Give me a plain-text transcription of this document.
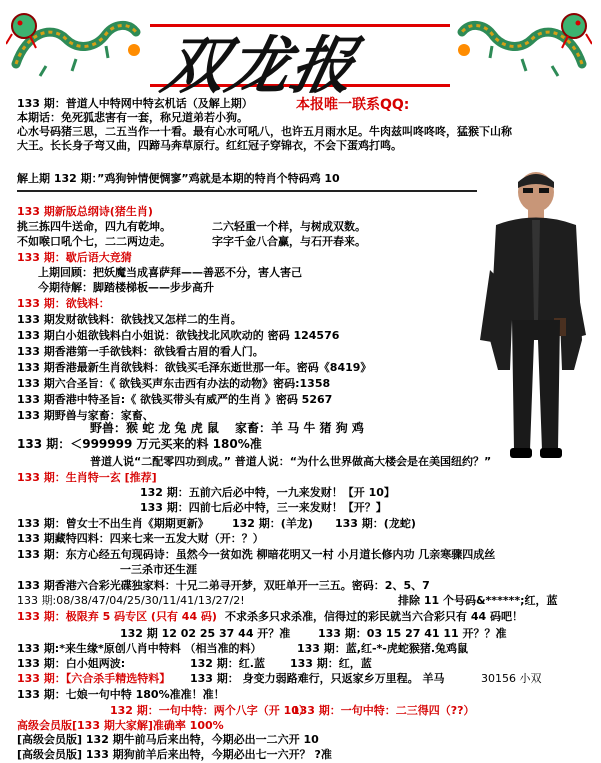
双龙报
本报唯一联系QQ:
133 期：普道人中特网中特玄机话（及解上期）
本期话：免死狐悲害有一套，称兄道弟若小狗。
心水号码猪三思，二五当作一十看。最有心水可吼八，也许五月雨水足。牛肉兹叫咚咚咚，猛猴下山称
大王。长长身子弯又曲，四蹄马奔草原行。红红冠子穿锦衣，不会下蛋鸡打鸣。
解上期 132 期：”鸡狗钟情便惆寥”鸡就是本期的特肖个特码鸡 10
133 期新版总纲诗(猪生肖)
挑三拣四牛送命，四九有乾坤。	二六轻重一个样，与树成双数。
不如喉口吼个七，二二两边走。	字字千金八合赢，与石开春来。
133 期：歇后语大竞猜
上期回顾：把妖魔当成喜萨拜——善恶不分，害人害己
今期待解：脚踏楼梯板——步步高升
133 期：欲钱料：
133 期发财欲钱料：欲钱找又怎样二的生肖。
133 期白小姐欲钱料白小姐说：欲钱找北风吹动的 密码 124576
133 期香港第一手欲钱料：欲钱看古眉的看人门。
133 期香港最新生肖欲钱料：欲钱买毛泽东逝世那一年。密码《8419》
133 期六合圣旨：《 欲钱买声东击西有办法的动物》密码:1358
133 期香港中特圣旨:《 欲钱买带头有威严的生肖 》密码 5267
133 期野兽与家畜：家畜、
野兽：猴 蛇 龙 兔 虎 鼠 家畜：羊 马 牛 猪 狗 鸡
133 期：＜999999 万元买来的料 180%准
普道人说“二配零四功到成。” 普道人说：“为什么世界做高大楼会是在美国纽约？”
133 期：生肖特一玄 [推荐]
132 期：五前六后必中特，一九来发财！【开 10】
133 期：四前七后必中特，三一来发财！【开？】
133 期：曾女士不出生肖《期期更新》 132 期：(羊龙) 133 期：(龙蛇)
133 期藏特四料：四来七来一五发大财（开：？）
133 期：东方心经五句现码诗：虽然今一贫如洗 柳暗花明又一村 小月道长修内功 几亲寒骤四成丝
一三杀市还生涯
133 期香港六合彩光碟独家料：十兄二弟寻开梦，双旺单开一三五。密码：2、5、7
133 期:08/38/47/04/25/30/11/41/13/27/2!	排除 11 个号码&******;红，蓝
133 期：极限弃 5 码专区 (只有 44 码) 不求杀多只求杀准，信得过的彩民就当六合彩只有 44 码吧！
132 期 12 02 25 37 44 开？准	133 期：03 15 27 41 11 开？？准
133 期:*来生缘*原创八肖中特料 （相当准的料）	133 期：蓝,红-*-虎蛇猴猪.兔鸡鼠
133 期：白小姐两波:	132 期：红.蓝 133 期：红，蓝
133 期：【六合杀手精选特料】 133 期： 身变力弱路难行，只返家乡万里程。 羊马	30156 小双
133 期：七娘一句中特 180%准准！准！
132 期：一句中特：两个八字（开 10）
133 期：一句中特：二三得四（??）
高级会员版[133 期大家解]准确率 100%
[高级会员版] 132 期牛前马后来出特，今期必出一二六开 10
[高级会员版] 133 期狗前羊后来出特，今期必出七一六开？ ?准
